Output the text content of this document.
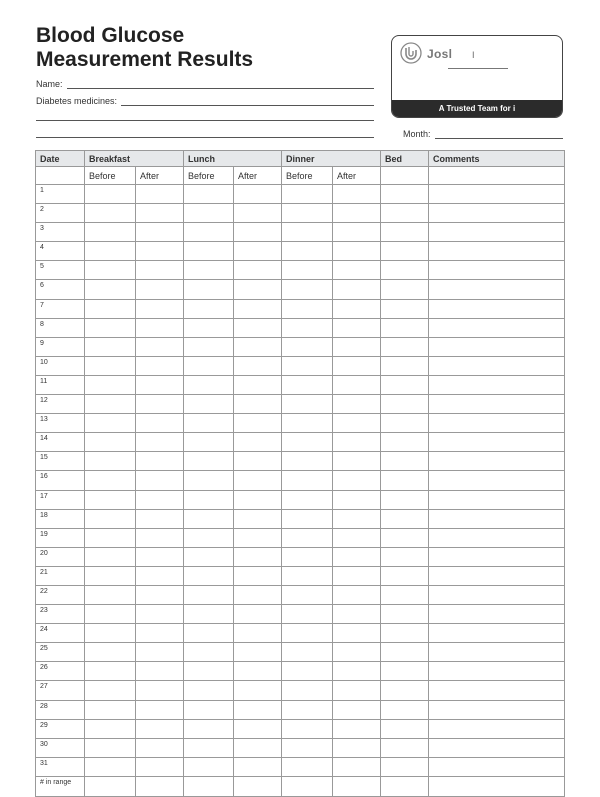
Blood Glucose
Measurement Results
Name:
Diabetes medicines:
Month:
Josl I
A Trusted Team for i
Date	Breakfast		Lunch		Dinner		Bed	Comments
	Before	After	Before	After	Before	After		
1								
2								
3								
4								
5								
6								
7								
8								
9								
10								
11								
12								
13								
14								
15								
16								
17								
18								
19								
20								
21								
22								
23								
24								
25								
26								
27								
28								
29								
30								
31								
# in range								
